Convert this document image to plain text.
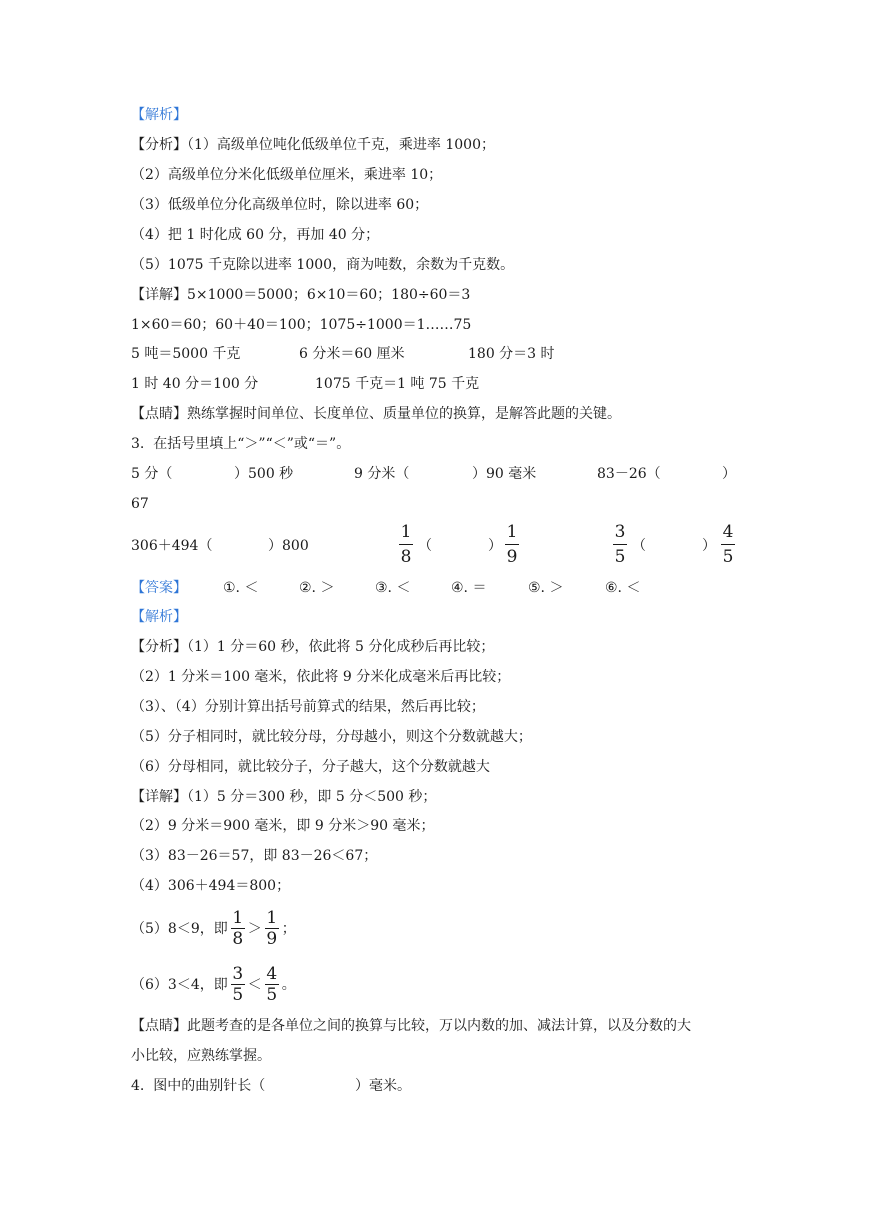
【解析】
【分析】（1）高级单位吨化低级单位千克，乘进率 1000；
（2）高级单位分米化低级单位厘米，乘进率 10；
（3）低级单位分化高级单位时，除以进率 60；
（4）把 1 时化成 60 分，再加 40 分；
（5）1075 千克除以进率 1000，商为吨数，余数为千克数。
【详解】5×1000＝5000；6×10＝60；180÷60＝3
1×60＝60；60＋40＝100；1075÷1000＝1……75
5 吨＝5000 千克	6 分米＝60 厘米	180 分＝3 时
1 时 40 分＝100 分	1075 千克＝1 吨 75 千克
【点睛】熟练掌握时间单位、长度单位、质量单位的换算，是解答此题的关键。
3.  在括号里填上“＞”“＜”或“＝”。
5 分（	）500 秒	9 分米（	）90 毫米	83－26（	）
67
306＋494（	）800
1
8
（	）
1
9
3
5
（	）
4
5
【答案】	①. ＜	②. ＞	③. ＜	④. ＝	⑤. ＞	⑥. ＜
【解析】
【分析】（1）1 分＝60 秒，依此将 5 分化成秒后再比较；
（2）1 分米＝100 毫米，依此将 9 分米化成毫米后再比较；
（3）、（4）分别计算出括号前算式的结果，然后再比较；
（5）分子相同时，就比较分母，分母越小，则这个分数就越大；
（6）分母相同，就比较分子，分子越大，这个分数就越大
【详解】（1）5 分＝300 秒，即 5 分＜500 秒；
（2）9 分米＝900 毫米，即 9 分米＞90 毫米；
（3）83－26＝57，即 83－26＜67；
（4）306＋494＝800；
（5）8＜9，即
1
8 ＞
1
9 ；
（6）3＜4，即
3
5 ＜
4
5 。
【点睛】此题考查的是各单位之间的换算与比较，万以内数的加、减法计算，以及分数的大
小比较，应熟练掌握。
4.  图中的曲别针长（	）毫米。
